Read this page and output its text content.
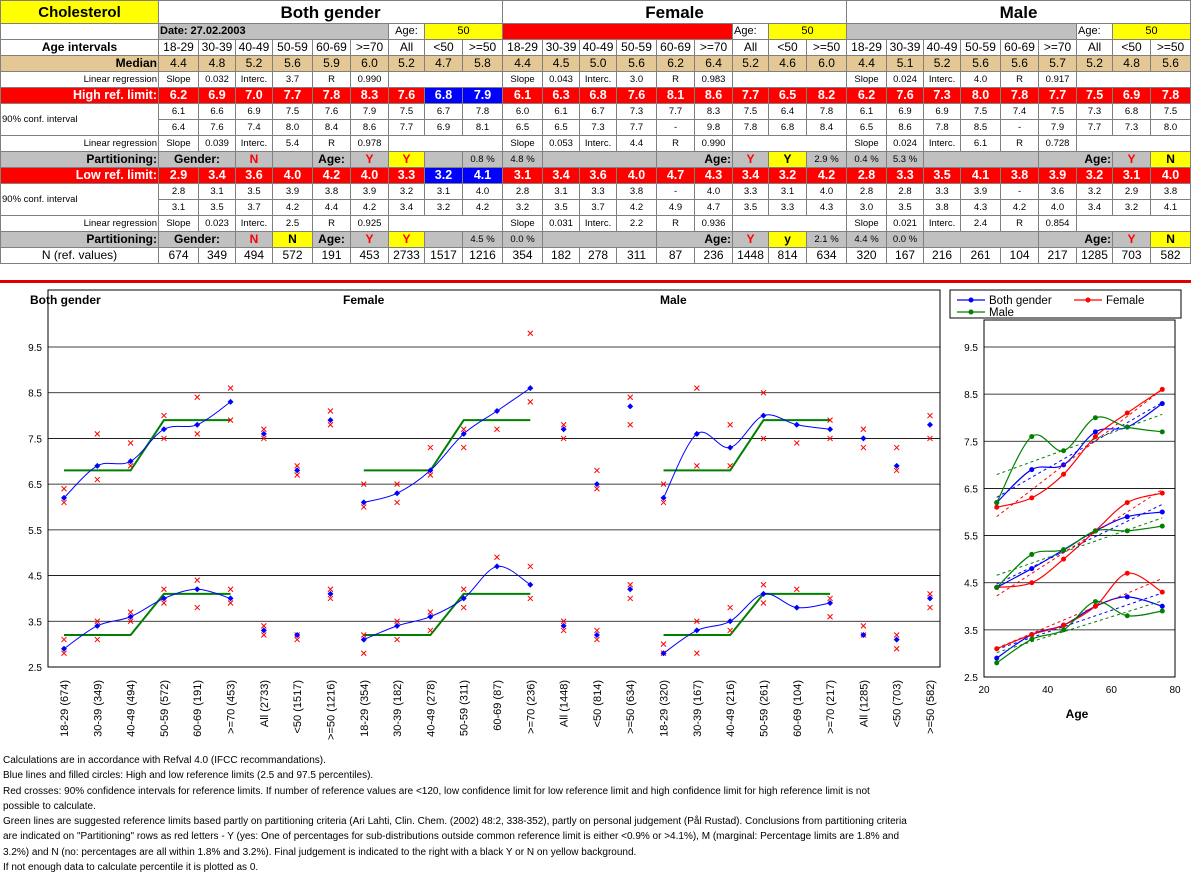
Cholesterol	Both gender									Female									Male									
	Date: 27.02.2003						Age:	50								Age:	50								Age:	50		
Age intervals	18-29	30-39	40-49	50-59	60-69	>=70	All	<50	>=50	18-29	30-39	40-49	50-59	60-69	>=70	All	<50	>=50	18-29	30-39	40-49	50-59	60-69	>=70	All	<50	>=50	
Median	4.4	4.8	5.2	5.6	5.9	6.0	5.2	4.7	5.8	4.4	4.5	5.0	5.6	6.2	6.4	5.2	4.6	6.0	4.4	5.1	5.2	5.6	5.6	5.7	5.2	4.8	5.6	
Linear regression	Slope	0.032	Interc.	3.7	R	0.990				Slope	0.043	Interc.	3.0	R	0.983				Slope	0.024	Interc.	4.0	R	0.917				
High ref. limit:	6.2	6.9	7.0	7.7	7.8	8.3	7.6	6.8	7.9	6.1	6.3	6.8	7.6	8.1	8.6	7.7	6.5	8.2	6.2	7.6	7.3	8.0	7.8	7.7	7.5	6.9	7.8	
90% conf. interval	6.1	6.6	6.9	7.5	7.6	7.9	7.5	6.7	7.8	6.0	6.1	6.7	7.3	7.7	8.3	7.5	6.4	7.8	6.1	6.9	6.9	7.5	7.4	7.5	7.3	6.8	7.5	
	6.4	7.6	7.4	8.0	8.4	8.6	7.7	6.9	8.1	6.5	6.5	7.3	7.7	-	9.8	7.8	6.8	8.4	6.5	8.6	7.8	8.5	-	7.9	7.7	7.3	8.0	
Linear regression	Slope	0.039	Interc.	5.4	R	0.978				Slope	0.053	Interc.	4.4	R	0.990				Slope	0.024	Interc.	6.1	R	0.728				
Partitioning:	Gender:		N		Age:	Y	Y		0.8 %	4.8 %				Age:		Y	Y	2.9 %	0.4 %	5.3 %				Age:		Y	N			
Low ref. limit:	2.9	3.4	3.6	4.0	4.2	4.0	3.3	3.2	4.1	3.1	3.4	3.6	4.0	4.7	4.3	3.4	3.2	4.2	2.8	3.3	3.5	4.1	3.8	3.9	3.2	3.1	4.0	
90% conf. interval	2.8	3.1	3.5	3.9	3.8	3.9	3.2	3.1	4.0	2.8	3.1	3.3	3.8	-	4.0	3.3	3.1	4.0	2.8	2.8	3.3	3.9	-	3.6	3.2	2.9	3.8	
	3.1	3.5	3.7	4.2	4.4	4.2	3.4	3.2	4.2	3.2	3.5	3.7	4.2	4.9	4.7	3.5	3.3	4.3	3.0	3.5	3.8	4.3	4.2	4.0	3.4	3.2	4.1	
Linear regression	Slope	0.023	Interc.	2.5	R	0.925				Slope	0.031	Interc.	2.2	R	0.936				Slope	0.021	Interc.	2.4	R	0.854				
Partitioning:	Gender:		N	N	Age:	Y	Y		4.5 %	0.0 %				Age:		Y	y	2.1 %	4.4 %	0.0 %				Age:		Y	N			
N (ref. values)	674	349	494	572	191	453	2733	1517	1216	354	182	278	311	87	236	1448	814	634	320	167	216	261	104	217	1285	703	582	
2.5
3.5
4.5
5.5
6.5
7.5
8.5
9.5
Both gender	Female	Male
18-29 (674) 30-39 (349) 40-49 (494) 50-59 (572) 60-69 (191) >=70 (453) All (2733) <50 (1517) >=50 (1216) 18-29 (354) 30-39 (182) 40-49 (278) 50-59 (311) 60-69 (87) >=70 (236) All (1448) <50 (814) >=50 (634) 18-29 (320) 30-39 (167) 40-49 (216) 50-59 (261) 60-69 (104) >=70 (217) All (1285) <50 (703) >=50 (582)
2.5
3.5
4.5
5.5
6.5
7.5
8.5
9.5
20	40	60	80
Age
Both gender	Female
Male
Calculations are in accordance with Refval 4.0 (IFCC recommandations).
Blue lines and filled circles: High and low reference limits (2.5 and 97.5 percentiles).
Red crosses: 90% confidence intervals for reference limits. If number of reference values are <120, low confidence limit for low reference limit and high confidence limit for high reference limit is not
possible to calculate.
Green lines are suggested reference limits based partly on partitioning criteria (Ari Lahti, Clin. Chem. (2002) 48:2, 338-352), partly on personal judgement (Pål Rustad). Conclusions from partitioning criteria
are indicated on "Partitioning" rows as red letters - Y (yes: One of percentages for sub-distributions outside common reference limit is either <0.9% or >4.1%), M (marginal: Percentage limits are 1.8% and
3.2%) and N (no: percentages are all within 1.8% and 3.2%). Final judgement is indicated to the right with a black Y or N on yellow background.
If not enough data to calculate percentile it is plotted as 0.
